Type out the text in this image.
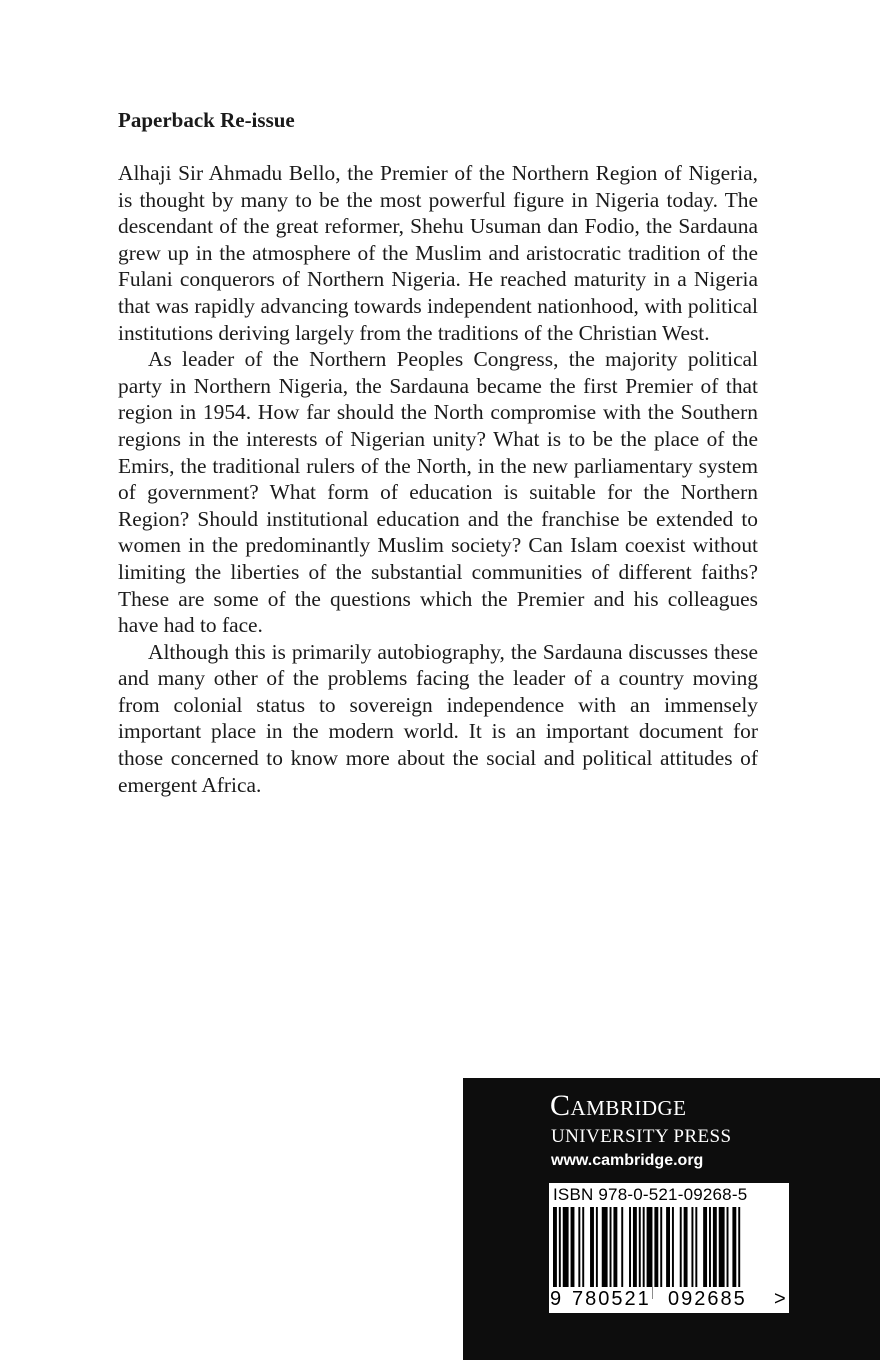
Paperback Re-issue

Alhaji Sir Ahmadu Bello, the Premier of the Northern Region of Nigeria, is thought by many to be the most powerful figure in Nigeria today. The descendant of the great reformer, Shehu Usuman dan Fodio, the Sardauna grew up in the atmosphere of the Muslim and aristocratic tradition of the Fulani conquerors of Northern Nigeria. He reached maturity in a Nigeria that was rapidly advancing towards independent nationhood, with political institutions deriving largely from the traditions of the Christian West.

As leader of the Northern Peoples Congress, the majority political party in Northern Nigeria, the Sardauna became the first Premier of that region in 1954. How far should the North compromise with the Southern regions in the interests of Nigerian unity? What is to be the place of the Emirs, the traditional rulers of the North, in the new parliamentary system of government? What form of education is suitable for the Northern Region? Should institutional education and the franchise be extended to women in the predominantly Muslim society? Can Islam coexist without limiting the liberties of the substantial communities of different faiths? These are some of the questions which the Premier and his colleagues have had to face.

Although this is primarily autobiography, the Sardauna discusses these and many other of the problems facing the leader of a country moving from colonial status to sovereign independence with an immensely important place in the modern world. It is an important document for those concerned to know more about the social and political attitudes of emergent Africa.

Cambridge
UNIVERSITY PRESS
www.cambridge.org
ISBN 978-0-521-09268-5
9 780521 092685 >
